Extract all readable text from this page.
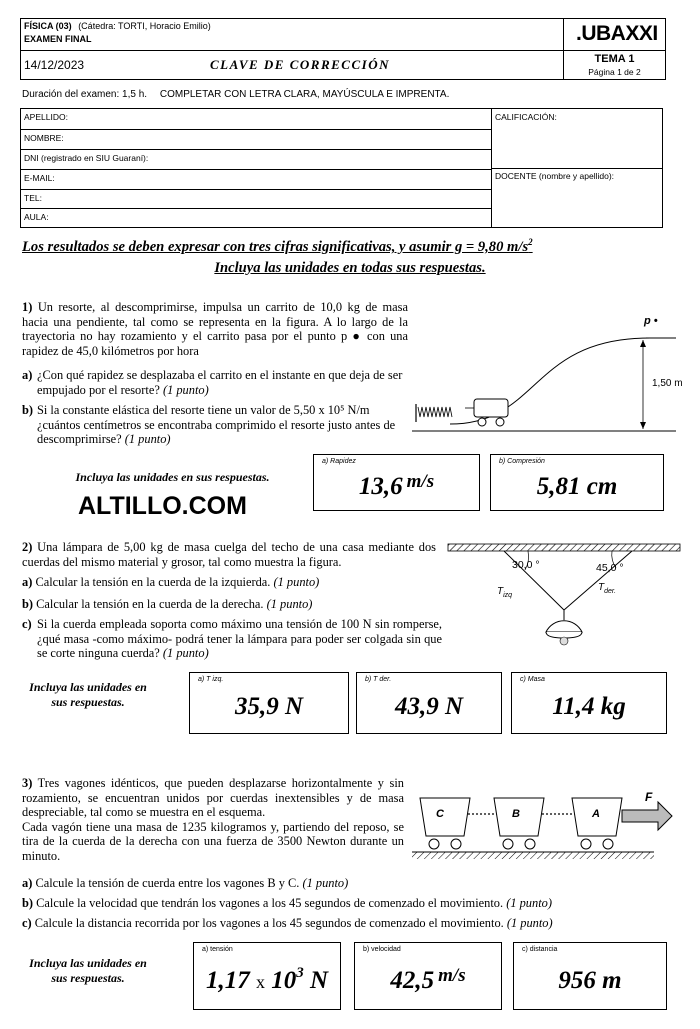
FÍSICA (03) (Cátedra: TORTI, Horacio Emilio)
EXAMEN FINAL	.UBAXXI
14/12/2023	CLAVE DE CORRECCIÓN	TEMA 1
Página 1 de 2
Duración del examen: 1,5 h. COMPLETAR CON LETRA CLARA, MAYÚSCULA E IMPRENTA.
CALIFICACIÓN:
DOCENTE (nombre y apellido):
APELLIDO:
NOMBRE:
DNI (registrado en SIU Guaraní):
E-MAIL:
TEL:
AULA:
Los resultados se deben expresar con tres cifras significativas, y asumir g = 9,80 $m/s^2$
Incluya las unidades en todas sus respuestas.
1) Un resorte, al descomprimirse, impulsa un carrito de 10,0 kg de masa hacia una pendiente, tal como se representa en la figura. A lo largo de la trayectoria no hay rozamiento y el carrito pasa por el punto p ● con una rapidez de 45,0 kilómetros por hora
a) ¿Con qué rapidez se desplazaba el carrito en el instante en que deja de ser empujado por el resorte? (1 punto)
b) Si la constante elástica del resorte tiene un valor de 5,50 x 10⁵ N/m ¿cuántos centímetros se encontraba comprimido el resorte justo antes de descomprimirse? (1 punto)
p •
1,50 m
Incluya las unidades en sus respuestas.
ALTILLO.COM
a) Rapidez
13,6 $^{m/s}$
b) Compresión
5,81 cm
2) Una lámpara de 5,00 kg de masa cuelga del techo de una casa mediante dos cuerdas del mismo material y grosor, tal como muestra la figura.
a) Calcular la tensión en la cuerda de la izquierda. (1 punto)
b) Calcular la tensión en la cuerda de la derecha. (1 punto)
c) Si la cuerda empleada soporta como máximo una tensión de 100 N sin romperse, ¿qué masa -como máximo- podrá tener la lámpara para poder ser colgada sin que se corte ninguna cuerda? (1 punto)
30,0 °	45,0 °
$T_{izq}$
$T_{der.}$
Incluya las unidades en sus respuestas.
a) T izq.
35,9 N
b) T der.
43,9 N
c) Masa
11,4 kg
3) Tres vagones idénticos, que pueden desplazarse horizontalmente y sin rozamiento, se encuentran unidos por cuerdas inextensibles y de masa despreciable, tal como se muestra en el esquema.
Cada vagón tiene una masa de 1235 kilogramos y, partiendo del reposo, se tira de la cuerda de la derecha con una fuerza de 3500 Newton durante un minuto.
a) Calcule la tensión de cuerda entre los vagones B y C. (1 punto)
b) Calcule la velocidad que tendrán los vagones a los 45 segundos de comenzado el movimiento. (1 punto)
c) Calcule la distancia recorrida por los vagones a los 45 segundos de comenzado el movimiento. (1 punto)
C	B	A
F
Incluya las unidades en sus respuestas.
a) tensión
1,17 x $10^3$ N
b) velocidad
42,5 $^{m/s}$
c) distancia
956 m
